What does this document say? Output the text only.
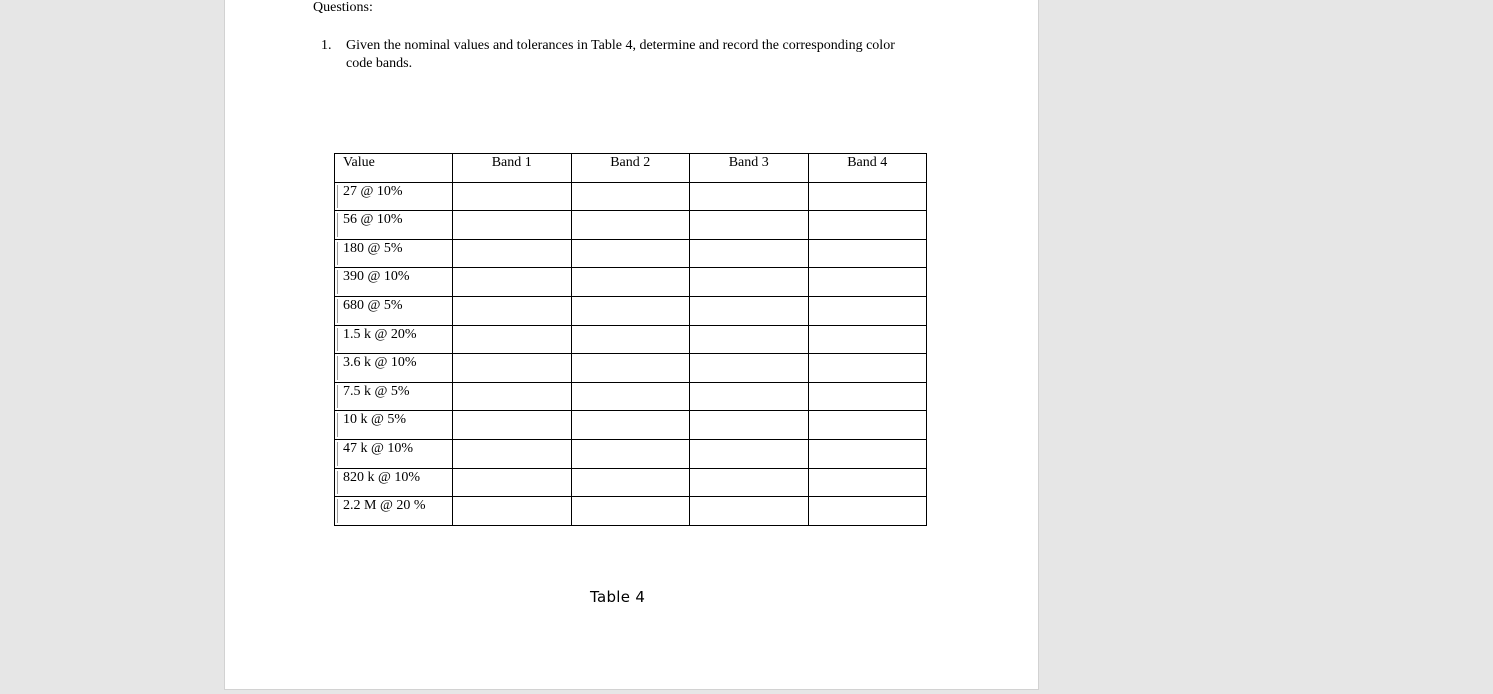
Questions:
1. Given the nominal values and tolerances in Table 4, determine and record the corresponding color code bands.
Value	Band 1	Band 2	Band 3	Band 4
27 @ 10%				
56 @ 10%				
180 @ 5%				
390 @ 10%				
680 @ 5%				
1.5 k @ 20%				
3.6 k @ 10%				
7.5 k @ 5%				
10 k @ 5%				
47 k @ 10%				
820 k @ 10%				
2.2 M @ 20 %				
Table 4
